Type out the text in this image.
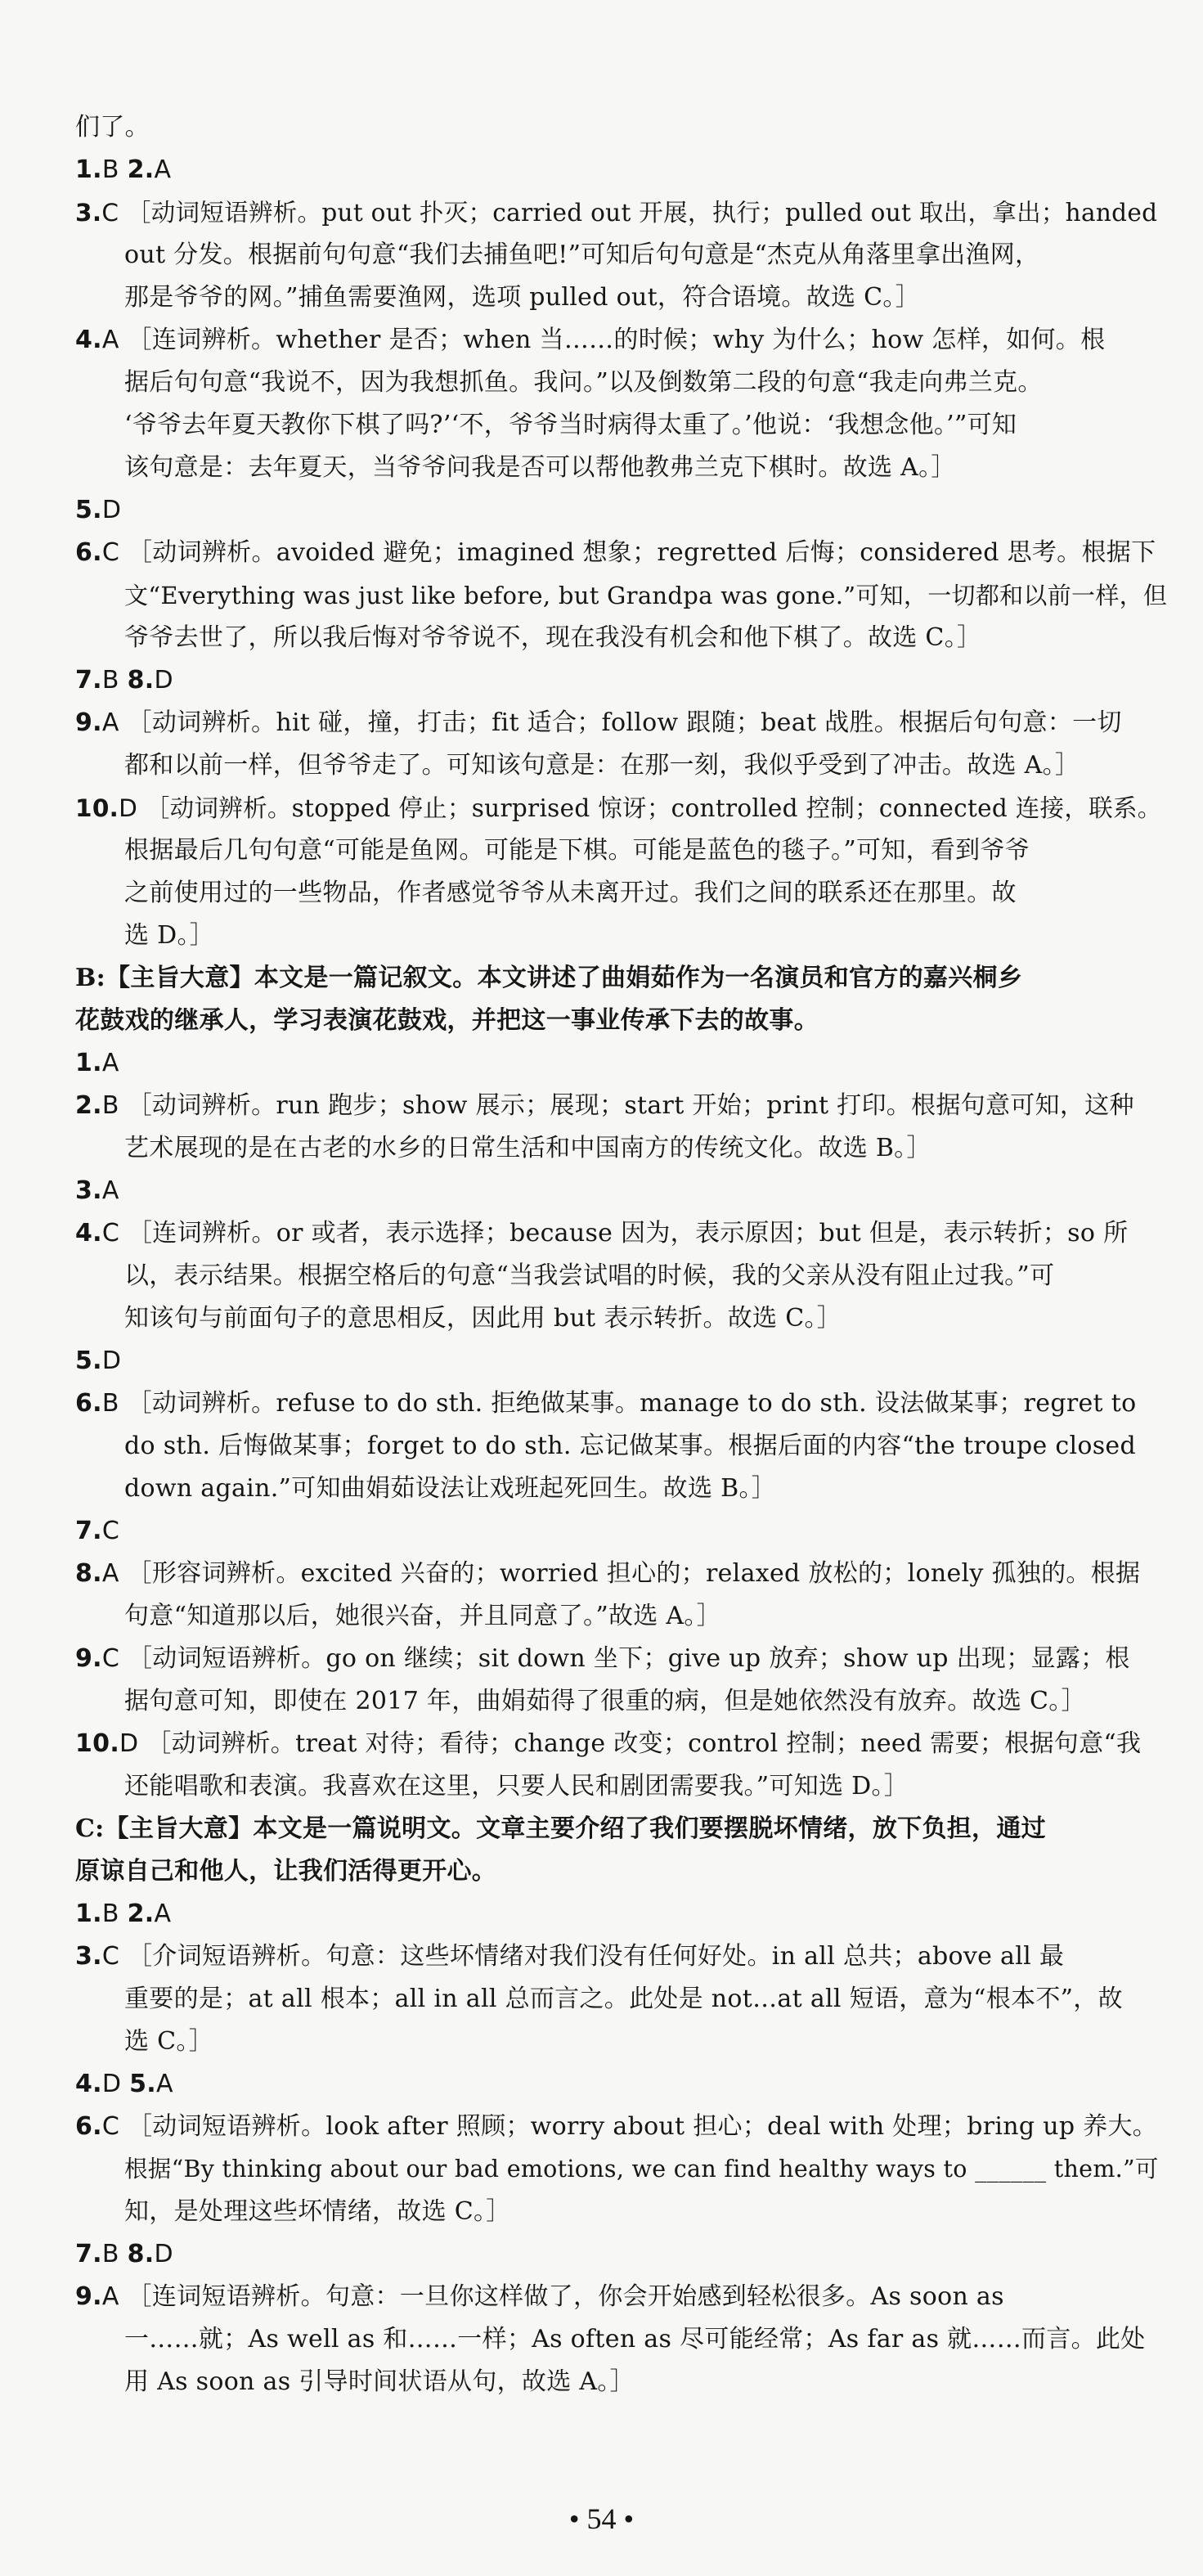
们了。
1.B 2.A
3.C ［动词短语辨析。put out 扑灭；carried out 开展，执行；pulled out 取出，拿出；handed
out 分发。根据前句句意“我们去捕鱼吧!”可知后句句意是“杰克从角落里拿出渔网，
那是爷爷的网。”捕鱼需要渔网，选项 pulled out，符合语境。故选 C。］
4.A ［连词辨析。whether 是否；when 当……的时候；why 为什么；how 怎样，如何。根
据后句句意“我说不，因为我想抓鱼。我问。”以及倒数第二段的句意“我走向弗兰克。
‘爷爷去年夏天教你下棋了吗?’‘不，爷爷当时病得太重了。’他说：‘我想念他。’”可知
该句意是：去年夏天，当爷爷问我是否可以帮他教弗兰克下棋时。故选 A。］
5.D
6.C ［动词辨析。avoided 避免；imagined 想象；regretted 后悔；considered 思考。根据下
文“Everything was just like before, but Grandpa was gone.”可知，一切都和以前一样，但
爷爷去世了，所以我后悔对爷爷说不，现在我没有机会和他下棋了。故选 C。］
7.B 8.D
9.A ［动词辨析。hit 碰，撞，打击；fit 适合；follow 跟随；beat 战胜。根据后句句意：一切
都和以前一样，但爷爷走了。可知该句意是：在那一刻，我似乎受到了冲击。故选 A。］
10.D ［动词辨析。stopped 停止；surprised 惊讶；controlled 控制；connected 连接，联系。
根据最后几句句意“可能是鱼网。可能是下棋。可能是蓝色的毯子。”可知，看到爷爷
之前使用过的一些物品，作者感觉爷爷从未离开过。我们之间的联系还在那里。故
选 D。］
B:【主旨大意】本文是一篇记叙文。本文讲述了曲娟茹作为一名演员和官方的嘉兴桐乡
花鼓戏的继承人，学习表演花鼓戏，并把这一事业传承下去的故事。
1.A
2.B ［动词辨析。run 跑步；show 展示；展现；start 开始；print 打印。根据句意可知，这种
艺术展现的是在古老的水乡的日常生活和中国南方的传统文化。故选 B。］
3.A
4.C ［连词辨析。or 或者，表示选择；because 因为，表示原因；but 但是，表示转折；so 所
以，表示结果。根据空格后的句意“当我尝试唱的时候，我的父亲从没有阻止过我。”可
知该句与前面句子的意思相反，因此用 but 表示转折。故选 C。］
5.D
6.B ［动词辨析。refuse to do sth. 拒绝做某事。manage to do sth. 设法做某事；regret to
do sth. 后悔做某事；forget to do sth. 忘记做某事。根据后面的内容“the troupe closed
down again.”可知曲娟茹设法让戏班起死回生。故选 B。］
7.C
8.A ［形容词辨析。excited 兴奋的；worried 担心的；relaxed 放松的；lonely 孤独的。根据
句意“知道那以后，她很兴奋，并且同意了。”故选 A。］
9.C ［动词短语辨析。go on 继续；sit down 坐下；give up 放弃；show up 出现；显露；根
据句意可知，即使在 2017 年，曲娟茹得了很重的病，但是她依然没有放弃。故选 C。］
10.D ［动词辨析。treat 对待；看待；change 改变；control 控制；need 需要；根据句意“我
还能唱歌和表演。我喜欢在这里，只要人民和剧团需要我。”可知选 D。］
C:【主旨大意】本文是一篇说明文。文章主要介绍了我们要摆脱坏情绪，放下负担，通过
原谅自己和他人，让我们活得更开心。
1.B 2.A
3.C ［介词短语辨析。句意：这些坏情绪对我们没有任何好处。in all 总共；above all 最
重要的是；at all 根本；all in all 总而言之。此处是 not…at all 短语，意为“根本不”，故
选 C。］
4.D 5.A
6.C ［动词短语辨析。look after 照顾；worry about 担心；deal with 处理；bring up 养大。
根据“By thinking about our bad emotions, we can find healthy ways to ______ them.”可
知，是处理这些坏情绪，故选 C。］
7.B 8.D
9.A ［连词短语辨析。句意：一旦你这样做了，你会开始感到轻松很多。As soon as
一……就；As well as 和……一样；As often as 尽可能经常；As far as 就……而言。此处
用 As soon as 引导时间状语从句，故选 A。］
• 54 •
